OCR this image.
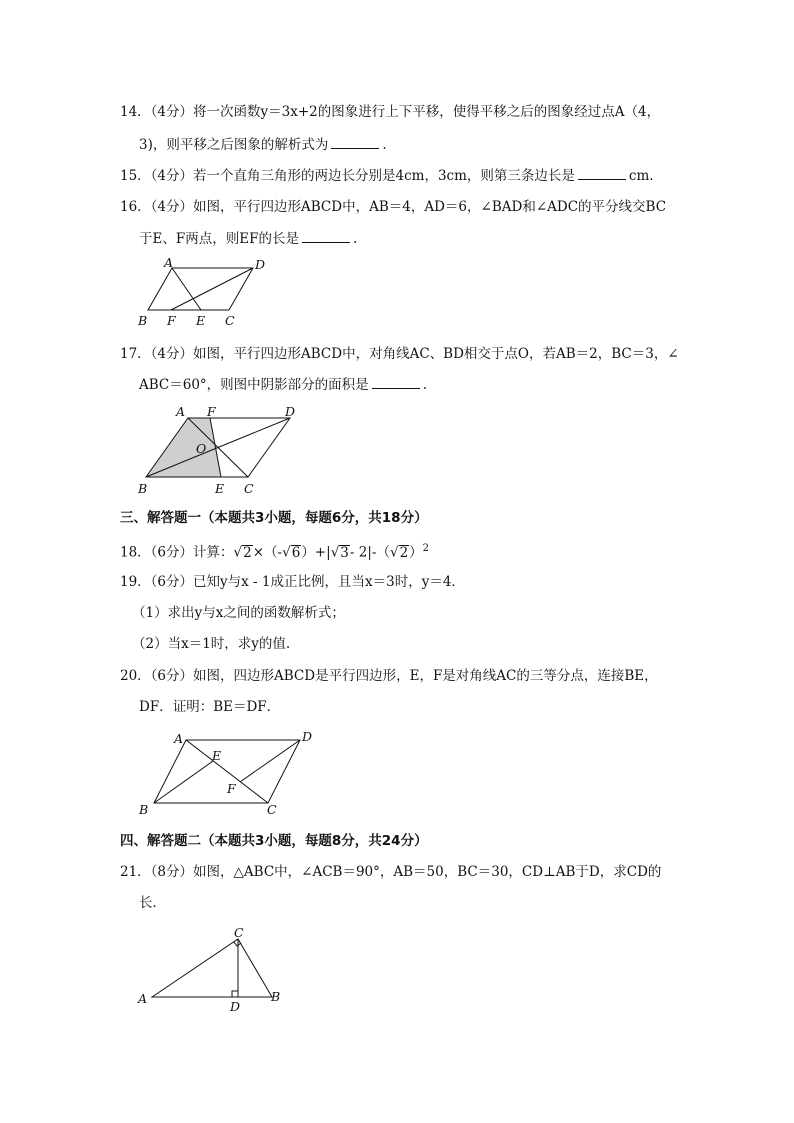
14．（4分）将一次函数y＝3x+2的图象进行上下平移，使得平移之后的图象经过点A（4，
3)，则平移之后图象的解析式为	.
15．（4分）若一个直角三角形的两边长分别是4cm，3cm，则第三条边长是	cm.
16．（4分）如图，平行四边形ABCD中，AB＝4，AD＝6，∠BAD和∠ADC的平分线交BC
于E、F两点，则EF的长是	.
A	D
B F E C
17．（4分）如图，平行四边形ABCD中，对角线AC、BD相交于点O，若AB＝2，BC＝3，∠
ABC＝60°，则图中阴影部分的面积是	.
A F	D
O
B	E C
三、解答题一（本题共3小题，每题6分，共18分）
18．（6分）计算：√2×（-√6）+|√3- $2|-(√2)^2$
19．（6分）已知y与x - 1成正比例，且当x＝3时，y＝4．
（1）求出y与x之间的函数解析式；
（2）当x＝1时，求y的值.
20．（6分）如图，四边形ABCD是平行四边形，E，F是对角线AC的三等分点，连接BE，
DF．证明：BE＝DF．
A	D
E
F
B	C
四、解答题二（本题共3小题，每题8分，共24分）
21．（8分）如图，△ABC中，∠ACB＝90°，AB＝50，BC＝30，CD⊥AB于D，求CD的
长．
C
A	B
D
